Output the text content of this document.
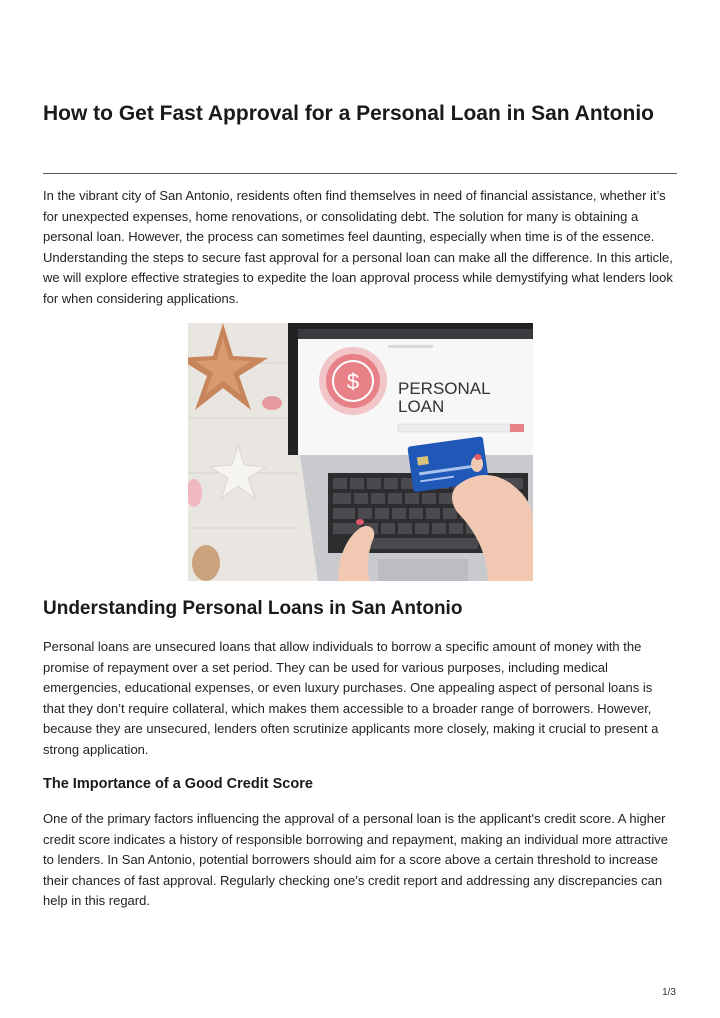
How to Get Fast Approval for a Personal Loan in San Antonio

In the vibrant city of San Antonio, residents often find themselves in need of financial assistance, whether it’s for unexpected expenses, home renovations, or consolidating debt. The solution for many is obtaining a personal loan. However, the process can sometimes feel daunting, especially when time is of the essence. Understanding the steps to secure fast approval for a personal loan can make all the difference. In this article, we will explore effective strategies to expedite the loan approval process while demystifying what lenders look for when considering applications.

$ PERSONAL
LOAN
Understanding Personal Loans in San Antonio

Personal loans are unsecured loans that allow individuals to borrow a specific amount of money with the promise of repayment over a set period. They can be used for various purposes, including medical emergencies, educational expenses, or even luxury purchases. One appealing aspect of personal loans is that they don’t require collateral, which makes them accessible to a broader range of borrowers. However, because they are unsecured, lenders often scrutinize applicants more closely, making it crucial to present a strong application.

The Importance of a Good Credit Score

One of the primary factors influencing the approval of a personal loan is the applicant's credit score. A higher credit score indicates a history of responsible borrowing and repayment, making an individual more attractive to lenders. In San Antonio, potential borrowers should aim for a score above a certain threshold to increase their chances of fast approval. Regularly checking one’s credit report and addressing any discrepancies can help in this regard.

1/3
